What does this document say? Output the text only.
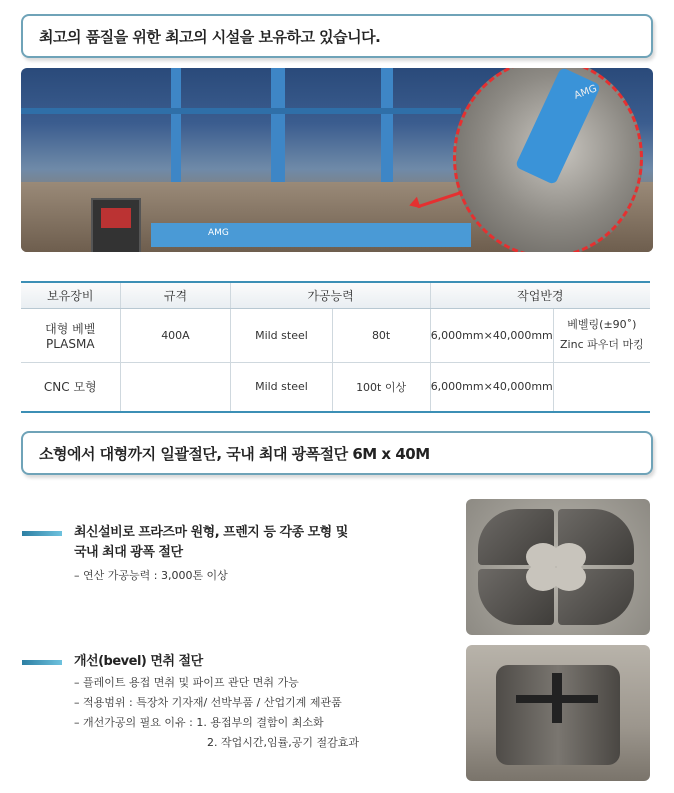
최고의 품질을 위한 최고의 시설을 보유하고 있습니다.
AMG
AMG
보유장비	규격	가공능력		작업반경	
대형 베벨 PLASMA	400A	Mild steel	80t	6,000mm×40,000mm	베벨링(±90˚)
Zinc 파우더 마킹

CNC 모형		Mild steel	100t 이상	6,000mm×40,000mm	
소형에서 대형까지 일괄절단, 국내 최대 광폭절단 6M x 40M
최신설비로 프라즈마 원형, 프렌지 등 각종 모형 및
국내 최대 광폭 절단
– 연산 가공능력 : 3,000톤 이상
개선(bevel) 면취 절단
– 플레이트 용접 면취 및 파이프 관단 면취 가능
– 적용범위 : 특장차 기자재/ 선박부품 / 산업기계 제관품
– 개선가공의 필요 이유 : 1. 용접부의 결함이 최소화
2. 작업시간,임률,공기 절감효과
